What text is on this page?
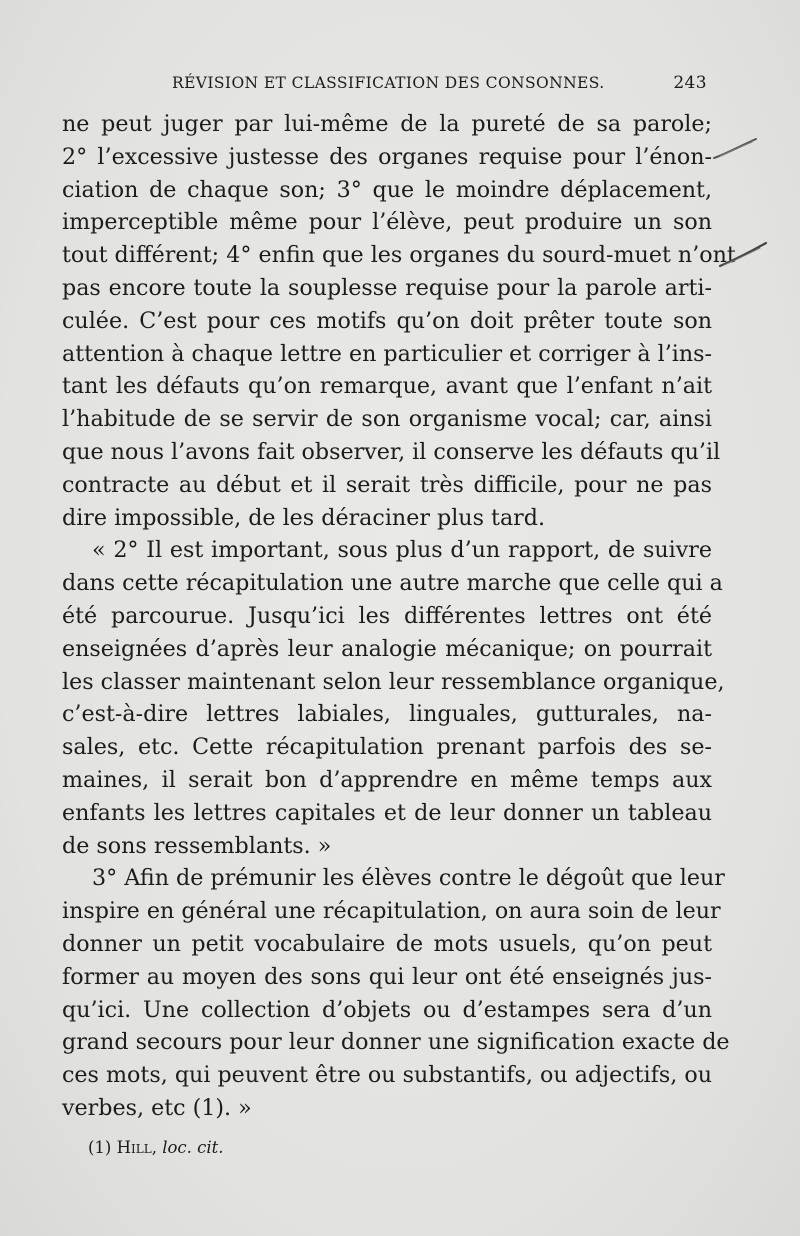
RÉVISION ET CLASSIFICATION DES CONSONNES.	243

ne peut juger par lui-même de la pureté de sa parole;
2° l’excessive justesse des organes requise pour l’énon-
ciation de chaque son; 3° que le moindre déplacement,
imperceptible même pour l’élève, peut produire un son
tout différent; 4° enfin que les organes du sourd-muet n’ont
pas encore toute la souplesse requise pour la parole arti-
culée. C’est pour ces motifs qu’on doit prêter toute son
attention à chaque lettre en particulier et corriger à l’ins-
tant les défauts qu’on remarque, avant que l’enfant n’ait
l’habitude de se servir de son organisme vocal; car, ainsi
que nous l’avons fait observer, il conserve les défauts qu’il
contracte au début et il serait très difficile, pour ne pas
dire impossible, de les déraciner plus tard.

« 2° Il est important, sous plus d’un rapport, de suivre
dans cette récapitulation une autre marche que celle qui a
été parcourue. Jusqu’ici les différentes lettres ont été
enseignées d’après leur analogie mécanique; on pourrait
les classer maintenant selon leur ressemblance organique,
c’est-à-dire lettres labiales, linguales, gutturales, na-
sales, etc. Cette récapitulation prenant parfois des se-
maines, il serait bon d’apprendre en même temps aux
enfants les lettres capitales et de leur donner un tableau
de sons ressemblants. »

3° Afin de prémunir les élèves contre le dégoût que leur
inspire en général une récapitulation, on aura soin de leur
donner un petit vocabulaire de mots usuels, qu’on peut
former au moyen des sons qui leur ont été enseignés jus-
qu’ici. Une collection d’objets ou d’estampes sera d’un
grand secours pour leur donner une signification exacte de
ces mots, qui peuvent être ou substantifs, ou adjectifs, ou
verbes, etc (1). »

(1) Hill, loc. cit.
